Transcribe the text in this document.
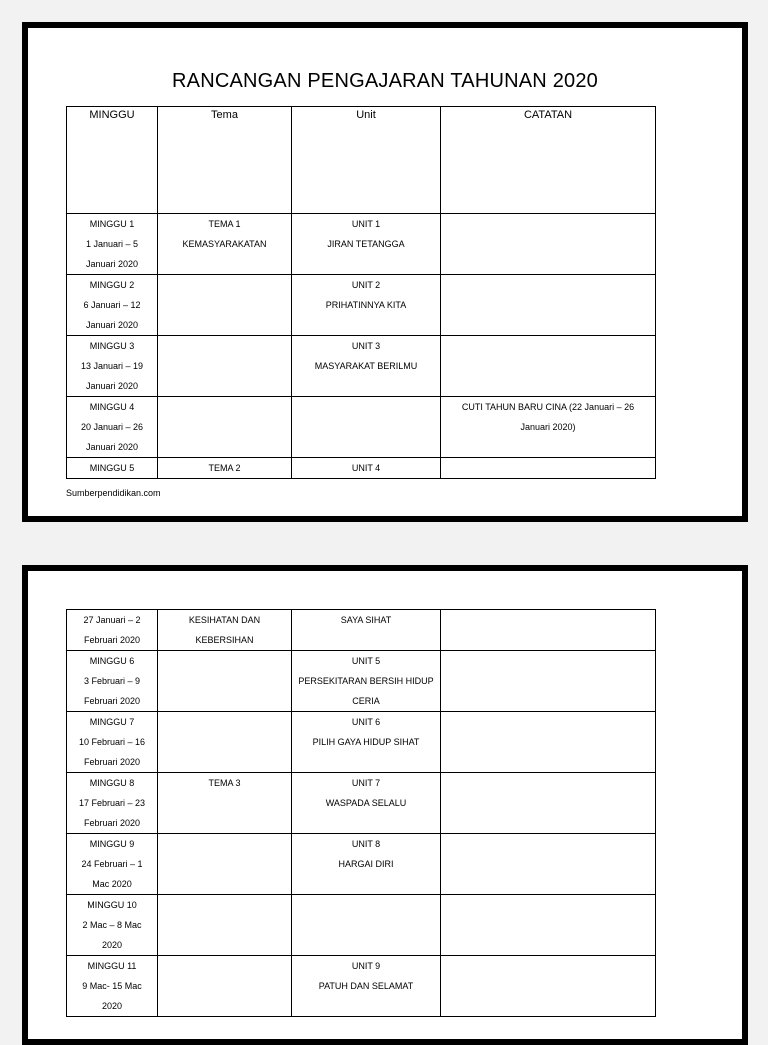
RANCANGAN PENGAJARAN TAHUNAN 2020
MINGGU	Tema	Unit	CATATAN

MINGGU 1
1 Januari – 5
Januari 2020	TEMA 1
KEMASYARAKATAN	UNIT 1
JIRAN TETANGGA	

MINGGU 2
6 Januari – 12
Januari 2020		UNIT 2
PRIHATINNYA KITA	

MINGGU 3
13 Januari – 19
Januari 2020		UNIT 3
MASYARAKAT BERILMU	

MINGGU 4
20 Januari – 26
Januari 2020			CUTI TAHUN BARU CINA (22 Januari – 26
Januari 2020)

MINGGU 5	TEMA 2	UNIT 4	

Sumberpendidikan.com
27 Januari – 2
Februari 2020	KESIHATAN DAN
KEBERSIHAN	SAYA SIHAT	

MINGGU 6
3 Februari – 9
Februari 2020		UNIT 5
PERSEKITARAN BERSIH HIDUP
CERIA	

MINGGU 7
10 Februari – 16
Februari 2020		UNIT 6
PILIH GAYA HIDUP SIHAT	

MINGGU 8
17 Februari – 23
Februari 2020	TEMA 3	UNIT 7
WASPADA SELALU	

MINGGU 9
24 Februari – 1
Mac 2020		UNIT 8
HARGAI DIRI	

MINGGU 10
2 Mac – 8 Mac
2020			

MINGGU 11
9 Mac- 15 Mac
2020		UNIT 9
PATUH DAN SELAMAT	
